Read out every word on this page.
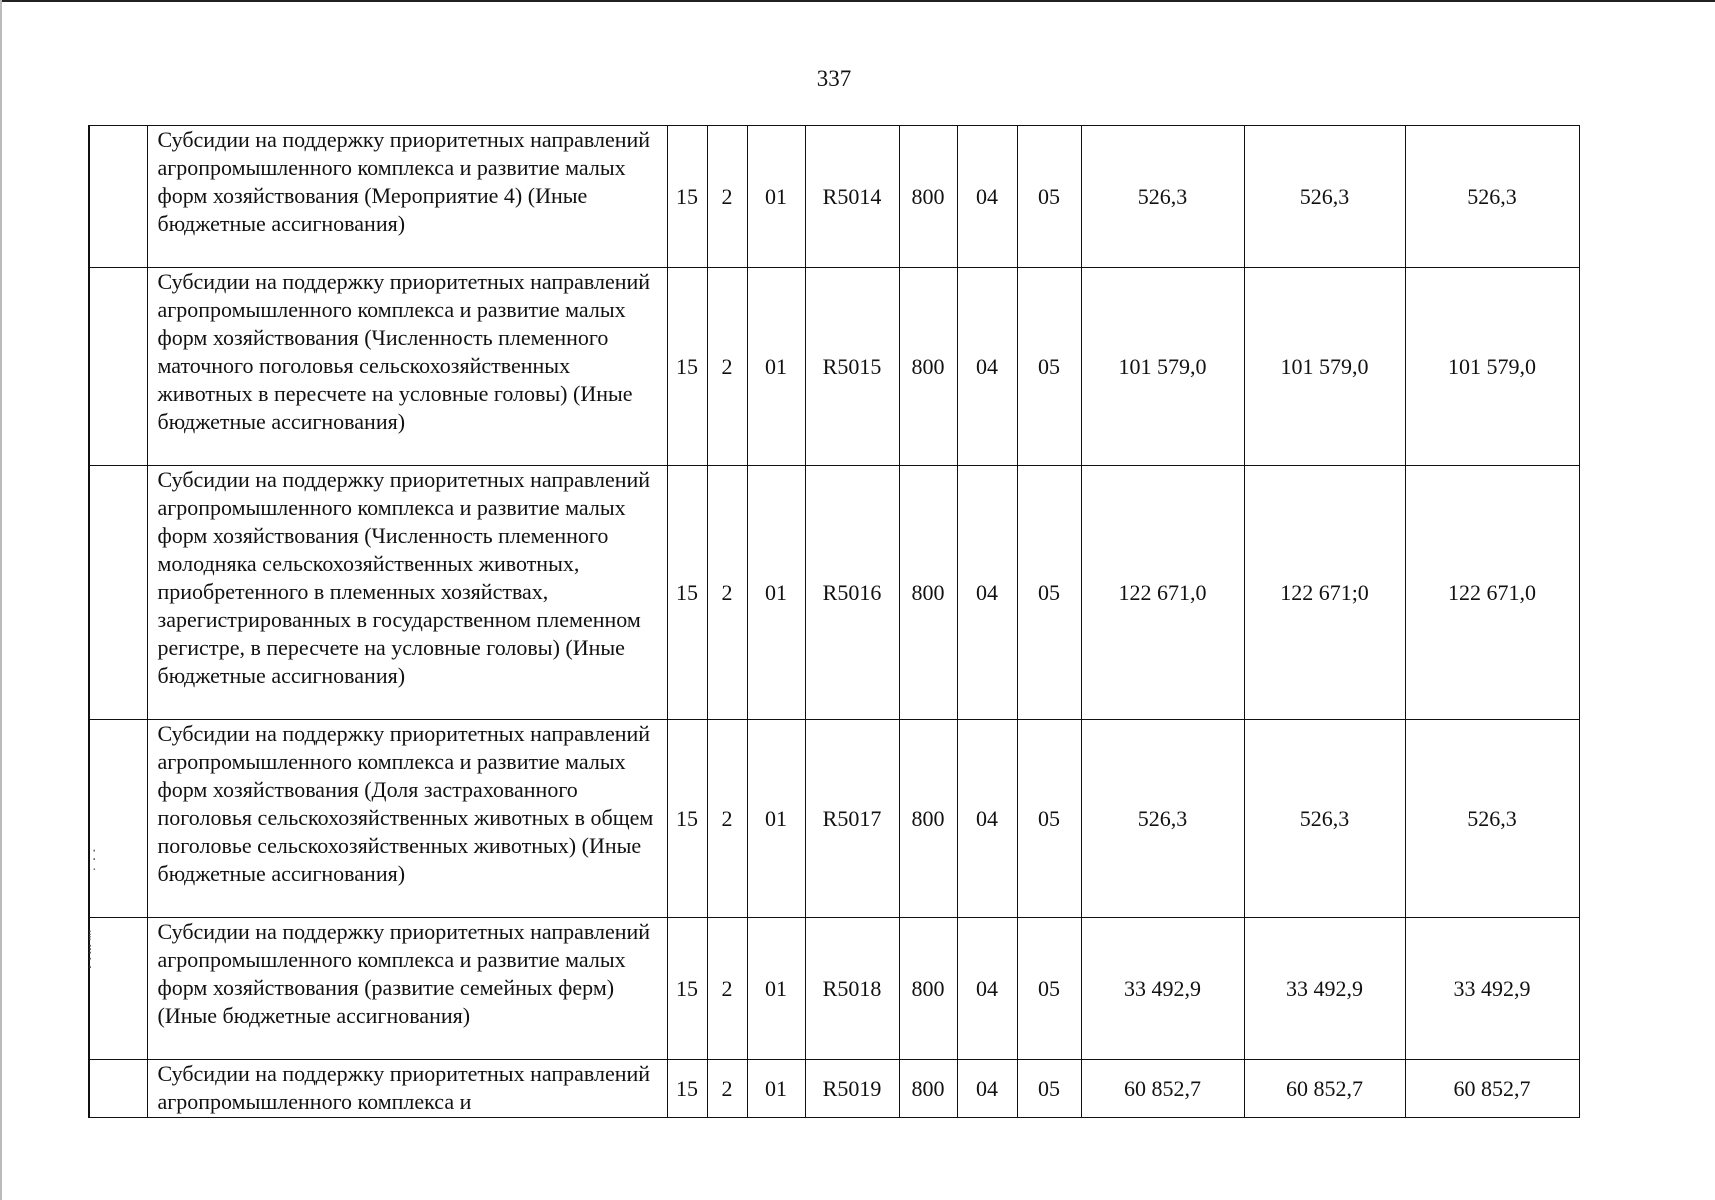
337
	Субсидии на поддержку приоритетных направлений агропромышленного комплекса и развитие малых форм хозяйствования (Мероприятие 4) (Иные бюджетные ассигнования)	15	2	01	R5014	800	04	05	526,3	526,3	526,3
	Субсидии на поддержку приоритетных направлений агропромышленного комплекса и развитие малых форм хозяйствования (Численность племенного маточного поголовья сельскохозяйственных животных в пересчете на условные головы) (Иные бюджетные ассигнования)	15	2	01	R5015	800	04	05	101 579,0	101 579,0	101 579,0
	Субсидии на поддержку приоритетных направлений агропромышленного комплекса и развитие малых форм хозяйствования (Численность племенного молодняка сельскохозяйственных животных, приобретенного в племенных хозяйствах, зарегистрированных в государственном племенном регистре, в пересчете на условные головы) (Иные бюджетные ассигнования)	15	2	01	R5016	800	04	05	122 671,0	122 671;0	122 671,0
	Субсидии на поддержку приоритетных направлений агропромышленного комплекса и развитие малых форм хозяйствования (Доля застрахованного поголовья сельскохозяйственных животных в общем поголовье сельскохозяйственных животных) (Иные бюджетные ассигнования)	15	2	01	R5017	800	04	05	526,3	526,3	526,3
	Субсидии на поддержку приоритетных направлений агропромышленного комплекса и развитие малых форм хозяйствования (развитие семейных ферм) (Иные бюджетные ассигнования)	15	2	01	R5018	800	04	05	33 492,9	33 492,9	33 492,9
	Субсидии на поддержку приоритетных направлений агропромышленного комплекса и	15	2	01	R5019	800	04	05	60 852,7	60 852,7	60 852,7
⁞
⁝
⁚
⁚
·
